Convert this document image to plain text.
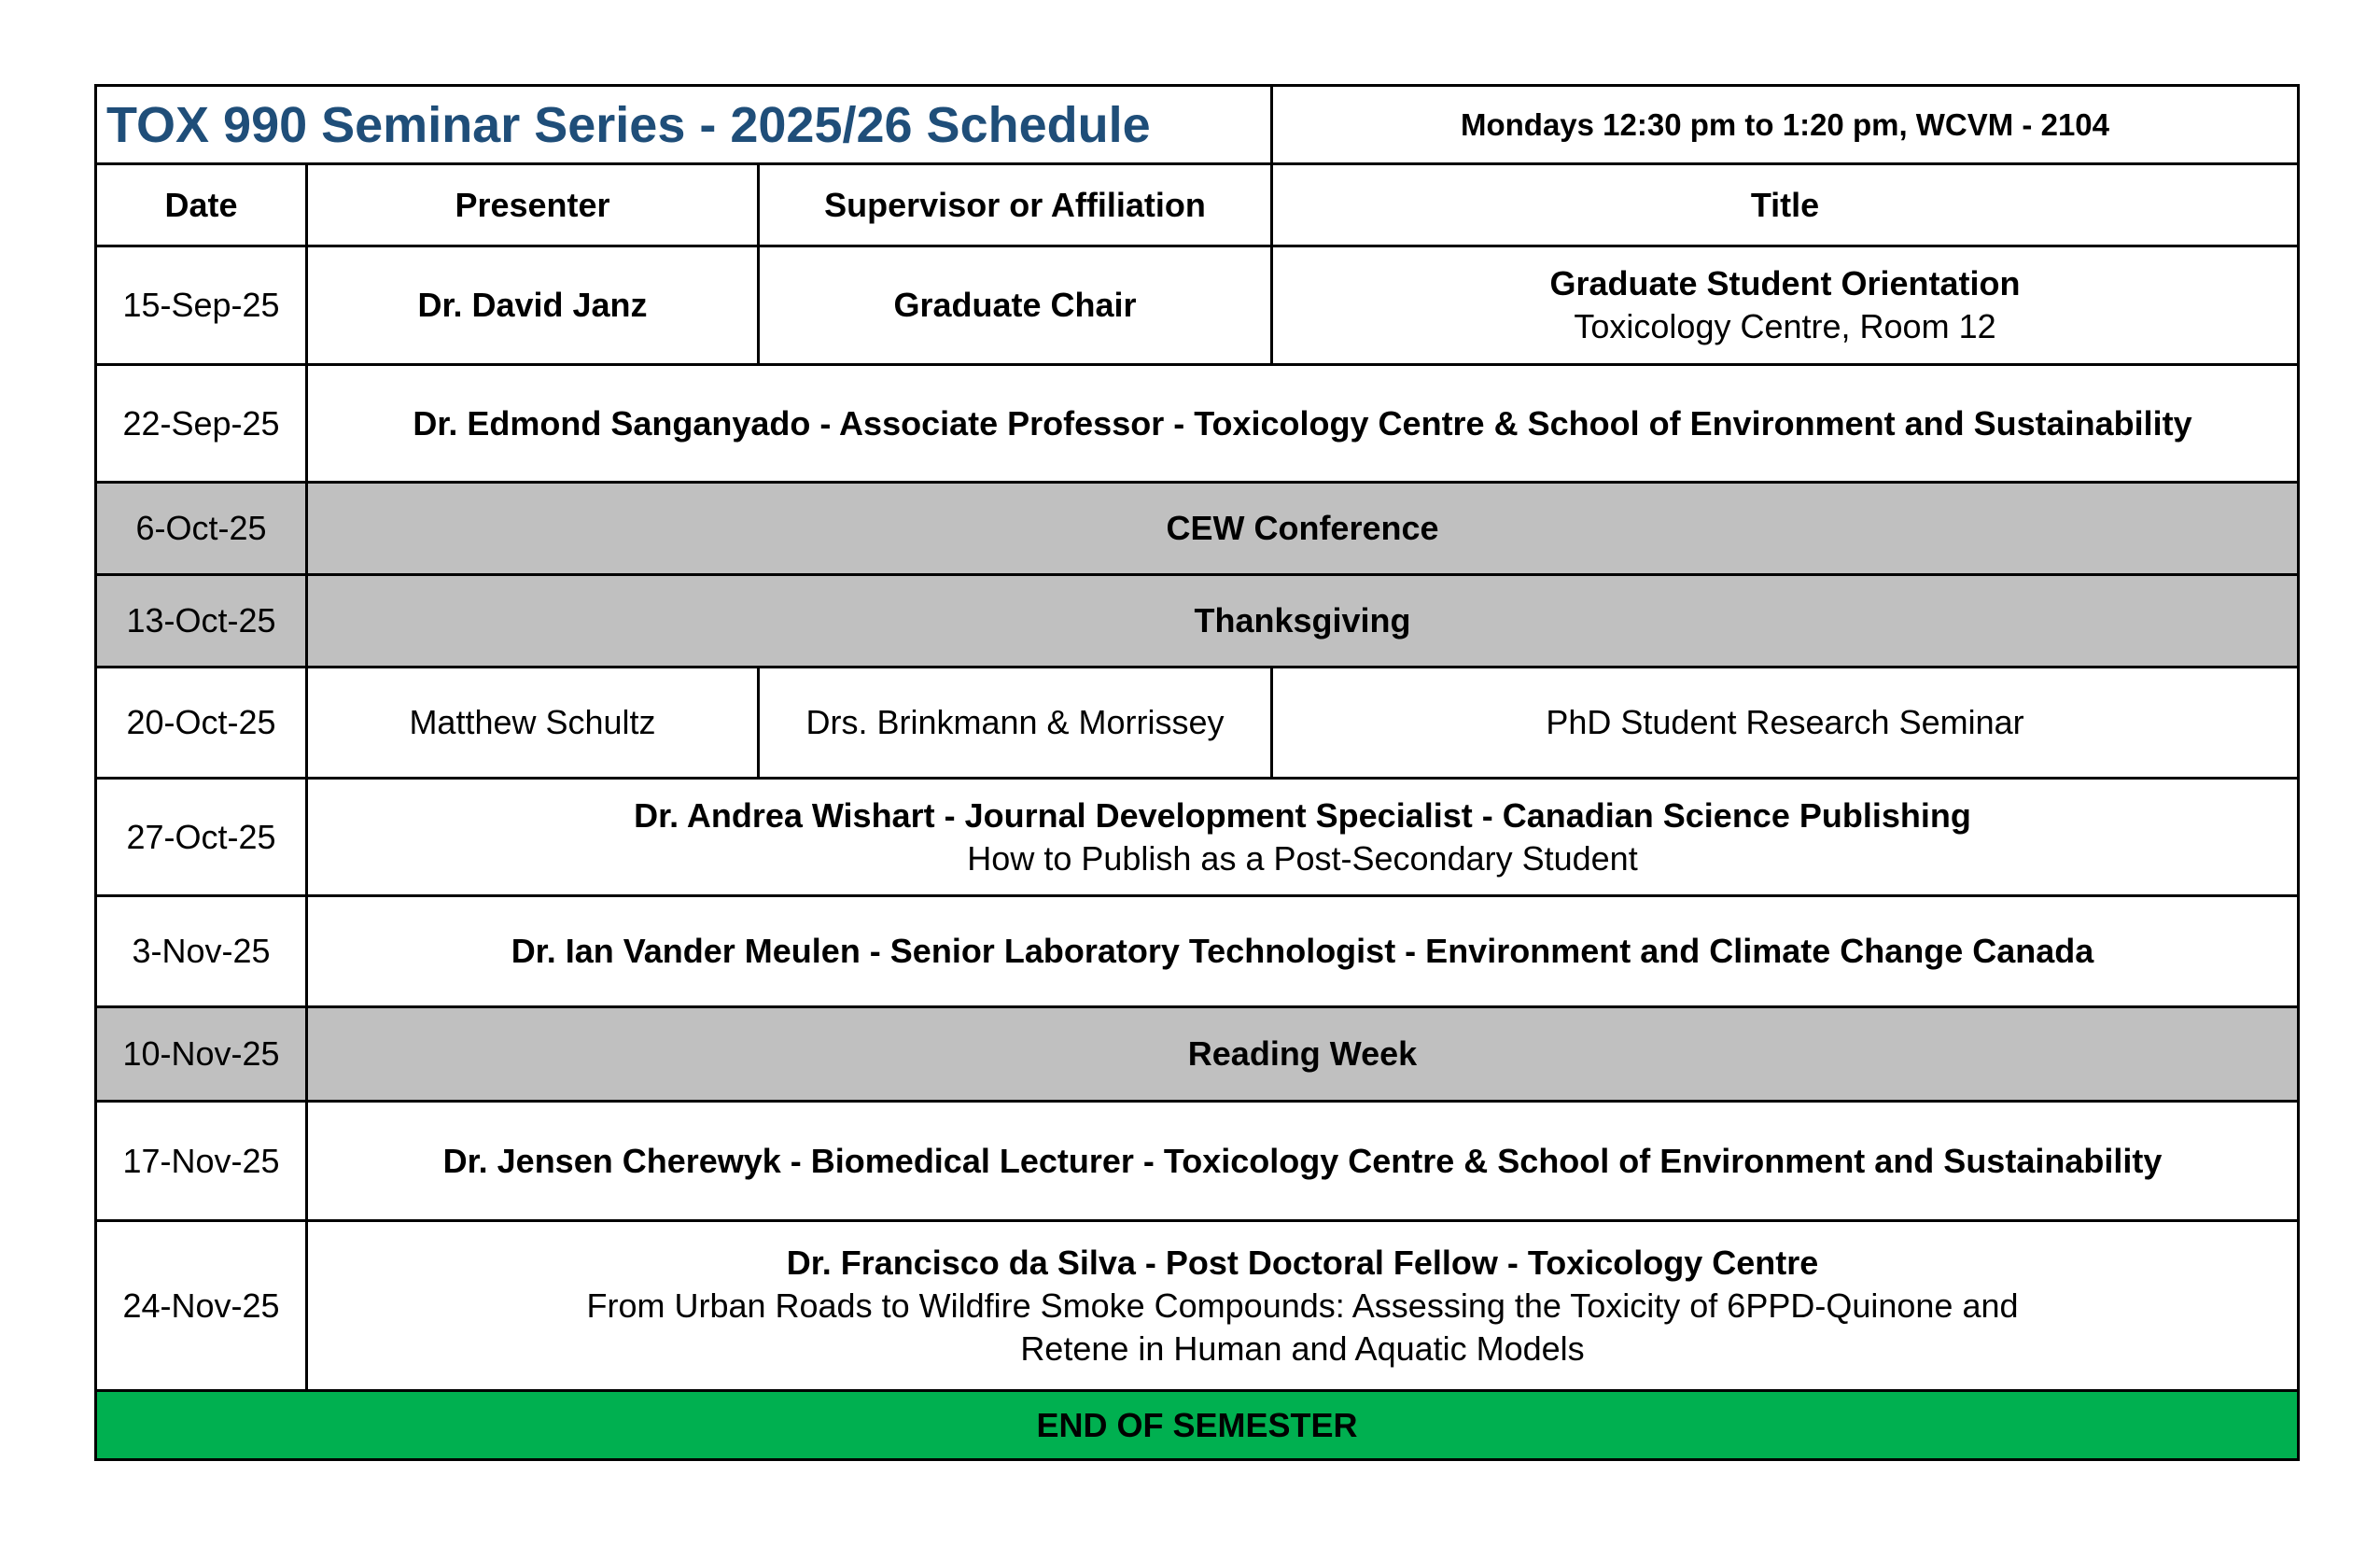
TOX 990 Seminar Series - 2025/26 Schedule			Mondays 12:30 pm to 1:20 pm, WCVM - 2104
Date	Presenter	Supervisor or Affiliation	Title
15-Sep-25	Dr. David Janz	Graduate Chair	Graduate Student Orientation
Toxicology Centre, Room 12

22-Sep-25	Dr. Edmond Sanganyado - Associate Professor - Toxicology Centre & School of Environment and Sustainability		
6-Oct-25	CEW Conference		
13-Oct-25	Thanksgiving		
20-Oct-25	Matthew Schultz	Drs. Brinkmann & Morrissey	PhD Student Research Seminar
27-Oct-25	Dr. Andrea Wishart - Journal Development Specialist - Canadian Science Publishing
How to Publish as a Post-Secondary Student		

3-Nov-25	Dr. Ian Vander Meulen - Senior Laboratory Technologist - Environment and Climate Change Canada		
10-Nov-25	Reading Week		
17-Nov-25	Dr. Jensen Cherewyk - Biomedical Lecturer - Toxicology Centre & School of Environment and Sustainability		
24-Nov-25	Dr. Francisco da Silva - Post Doctoral Fellow - Toxicology Centre
From Urban Roads to Wildfire Smoke Compounds: Assessing the Toxicity of 6PPD-Quinone and
Retene in Human and Aquatic Models		

END OF SEMESTER			
